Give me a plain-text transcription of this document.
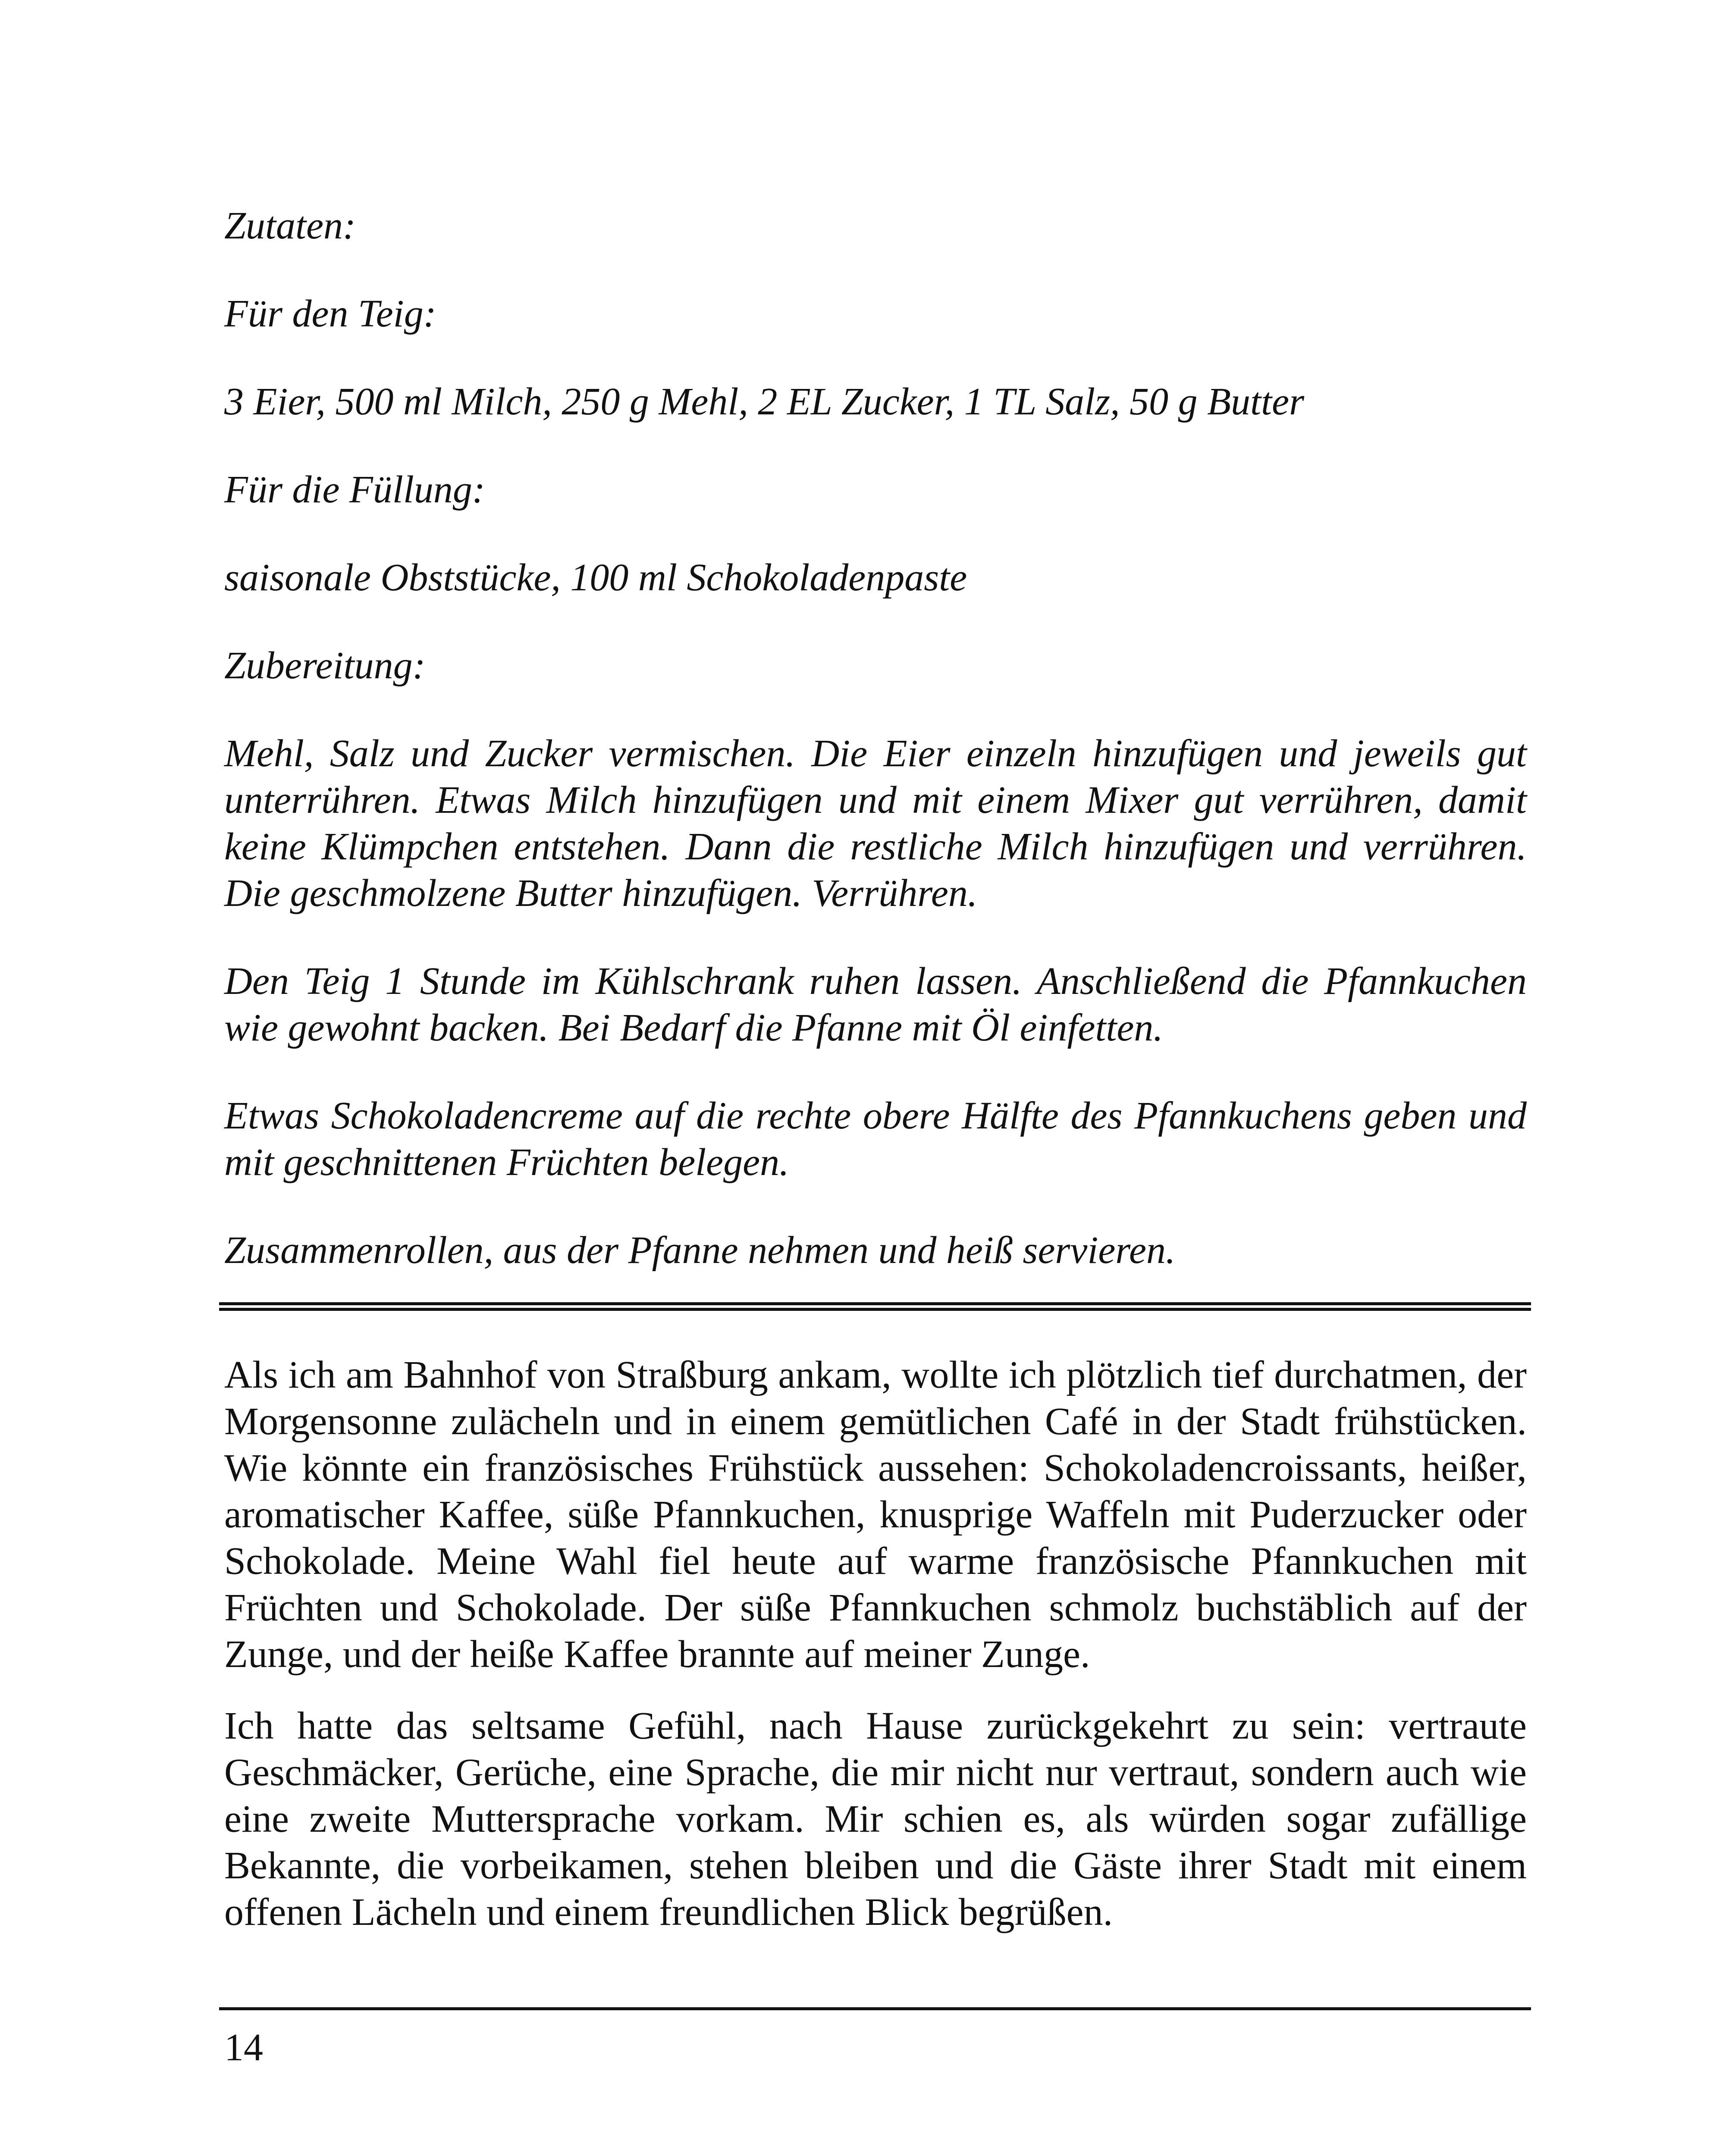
Zutaten:
Für den Teig:
3 Eier, 500 ml Milch, 250 g Mehl, 2 EL Zucker, 1 TL Salz, 50 g Butter
Für die Füllung:
saisonale Obststücke, 100 ml Schokoladenpaste
Zubereitung:
Mehl, Salz und Zucker vermischen. Die Eier einzeln hinzufügen und jeweils gut unterrühren. Etwas Milch hinzufügen und mit einem Mixer gut verrühren, damit keine Klümpchen entstehen. Dann die restliche Milch hinzufügen und verrühren. Die geschmolzene Butter hinzufügen. Verrühren.
Den Teig 1 Stunde im Kühlschrank ruhen lassen. Anschließend die Pfannkuchen wie gewohnt backen. Bei Bedarf die Pfanne mit Öl einfetten.
Etwas Schokoladencreme auf die rechte obere Hälfte des Pfannkuchens geben und mit geschnittenen Früchten belegen.
Zusammenrollen, aus der Pfanne nehmen und heiß servieren.

Als ich am Bahnhof von Straßburg ankam, wollte ich plötzlich tief durchatmen, der Morgensonne zulächeln und in einem gemütlichen Café in der Stadt frühstücken. Wie könnte ein französisches Frühstück aussehen: Schokoladencroissants, heißer, aromatischer Kaffee, süße Pfannkuchen, knusprige Waffeln mit Puderzucker oder Schokolade. Meine Wahl fiel heute auf warme französische Pfannkuchen mit Früchten und Schokolade. Der süße Pfannkuchen schmolz buchstäblich auf der Zunge, und der heiße Kaffee brannte auf meiner Zunge.

Ich hatte das seltsame Gefühl, nach Hause zurückgekehrt zu sein: vertraute Geschmäcker, Gerüche, eine Sprache, die mir nicht nur vertraut, sondern auch wie eine zweite Muttersprache vorkam. Mir schien es, als würden sogar zufällige Bekannte, die vorbeikamen, stehen bleiben und die Gäste ihrer Stadt mit einem offenen Lächeln und einem freundlichen Blick begrüßen.

14
